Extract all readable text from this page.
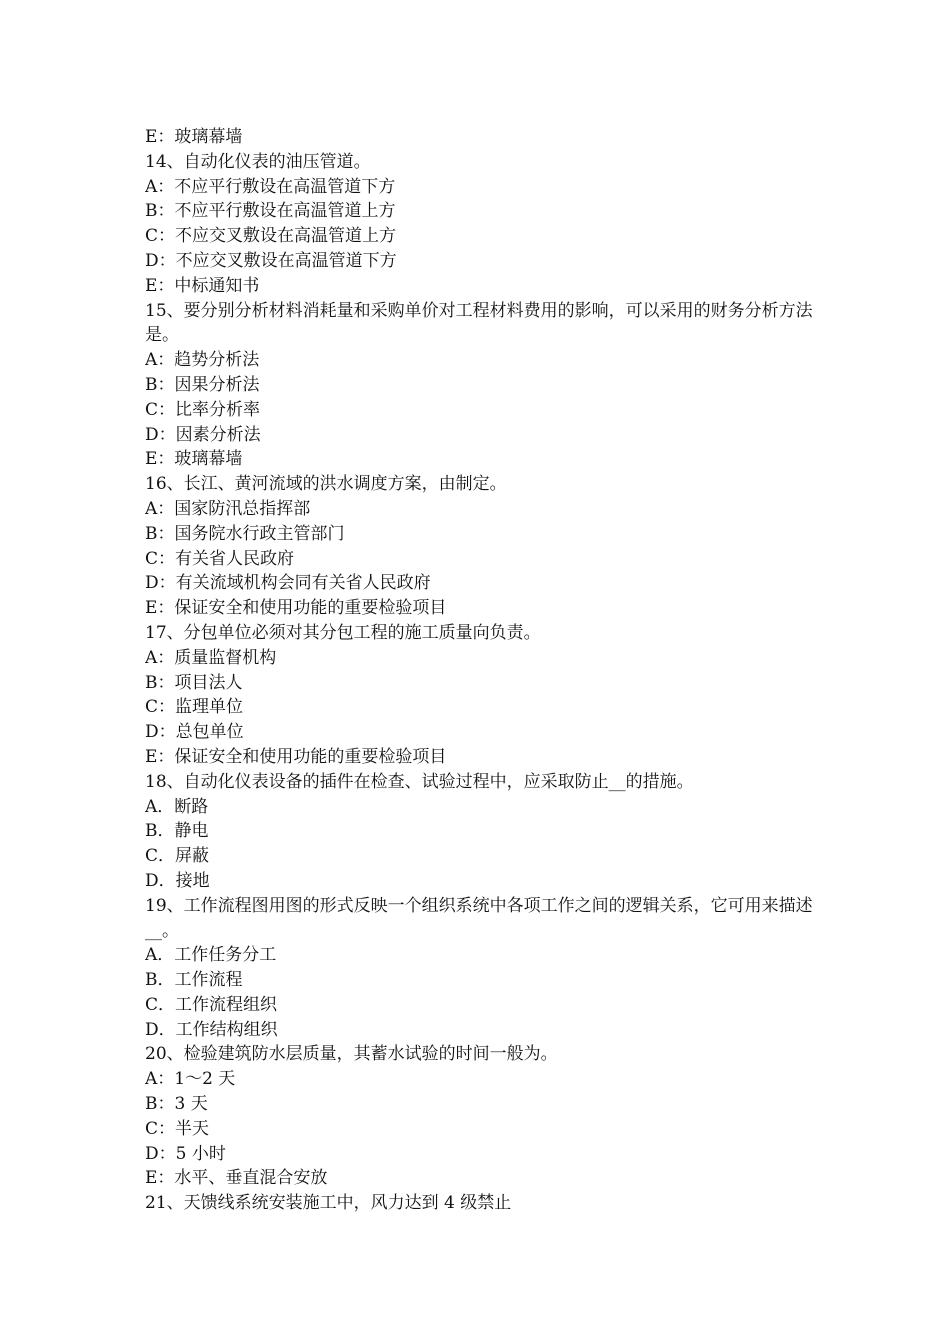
E：玻璃幕墙
14、自动化仪表的油压管道。
A：不应平行敷设在高温管道下方
B：不应平行敷设在高温管道上方
C：不应交叉敷设在高温管道上方
D：不应交叉敷设在高温管道下方
E：中标通知书
15、要分别分析材料消耗量和采购单价对工程材料费用的影响，可以采用的财务分析方法是。
A：趋势分析法
B：因果分析法
C：比率分析率
D：因素分析法
E：玻璃幕墙
16、长江、黄河流域的洪水调度方案，由制定。
A：国家防汛总指挥部
B：国务院水行政主管部门
C：有关省人民政府
D：有关流域机构会同有关省人民政府
E：保证安全和使用功能的重要检验项目
17、分包单位必须对其分包工程的施工质量向负责。
A：质量监督机构
B：项目法人
C：监理单位
D：总包单位
E：保证安全和使用功能的重要检验项目
18、自动化仪表设备的插件在检查、试验过程中，应采取防止__的措施。
A．断路
B．静电
C．屏蔽
D．接地
19、工作流程图用图的形式反映一个组织系统中各项工作之间的逻辑关系，它可用来描述__。
A．工作任务分工
B．工作流程
C．工作流程组织
D．工作结构组织
20、检验建筑防水层质量，其蓄水试验的时间一般为。
A：1～2 天
B：3 天
C：半天
D：5 小时
E：水平、垂直混合安放
21、天馈线系统安装施工中，风力达到 4 级禁止
